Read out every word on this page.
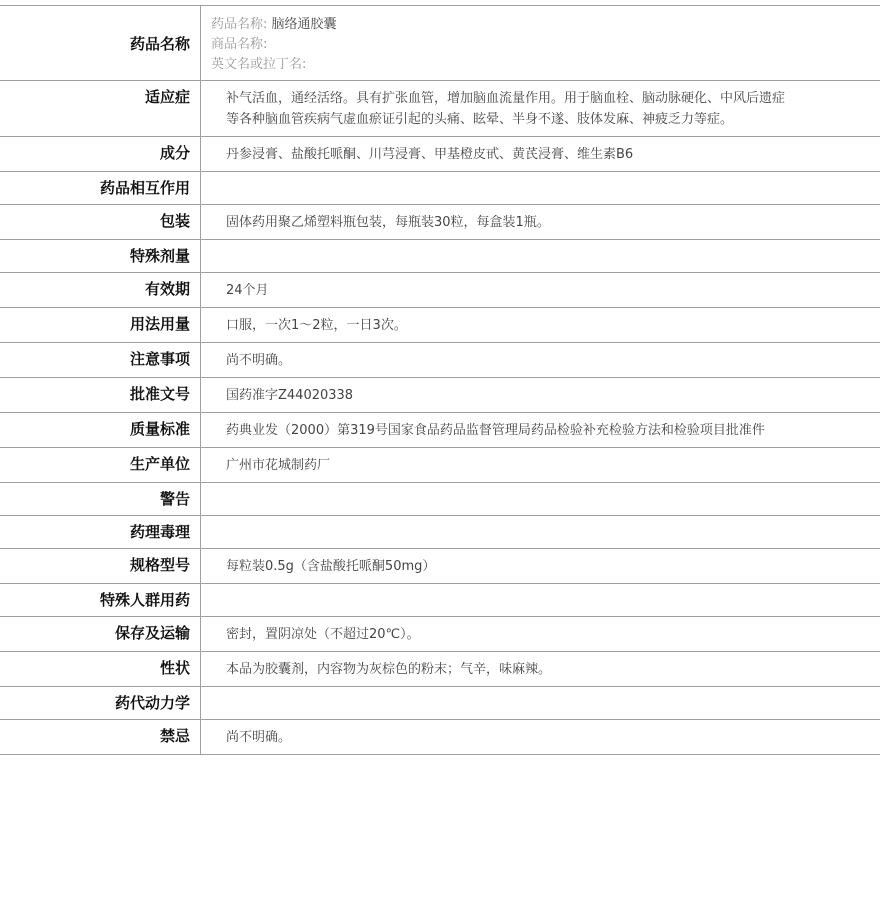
药品名称	药品名称: 脑络通胶囊
商品名称:
英文名或拉丁名:

适应症	补气活血，通经活络。具有扩张血管，增加脑血流量作用。用于脑血栓、脑动脉硬化、中风后遗症等各种脑血管疾病气虚血瘀证引起的头痛、眩晕、半身不遂、肢体发麻、神疲乏力等症。
成分	丹参浸膏、盐酸托哌酮、川芎浸膏、甲基橙皮甙、黄芪浸膏、维生素B6
药品相互作用	
包装	固体药用聚乙烯塑料瓶包装，每瓶装30粒，每盒装1瓶。
特殊剂量	
有效期	24个月
用法用量	口服，一次1～2粒，一日3次。
注意事项	尚不明确。
批准文号	国药准字Z44020338
质量标准	药典业发（2000）第319号国家食品药品监督管理局药品检验补充检验方法和检验项目批准件
生产单位	广州市花城制药厂
警告	
药理毒理	
规格型号	每粒装0.5g（含盐酸托哌酮50mg）
特殊人群用药	
保存及运输	密封，置阴凉处（不超过20℃）。
性状	本品为胶囊剂，内容物为灰棕色的粉末；气辛，味麻辣。
药代动力学	
禁忌	尚不明确。
